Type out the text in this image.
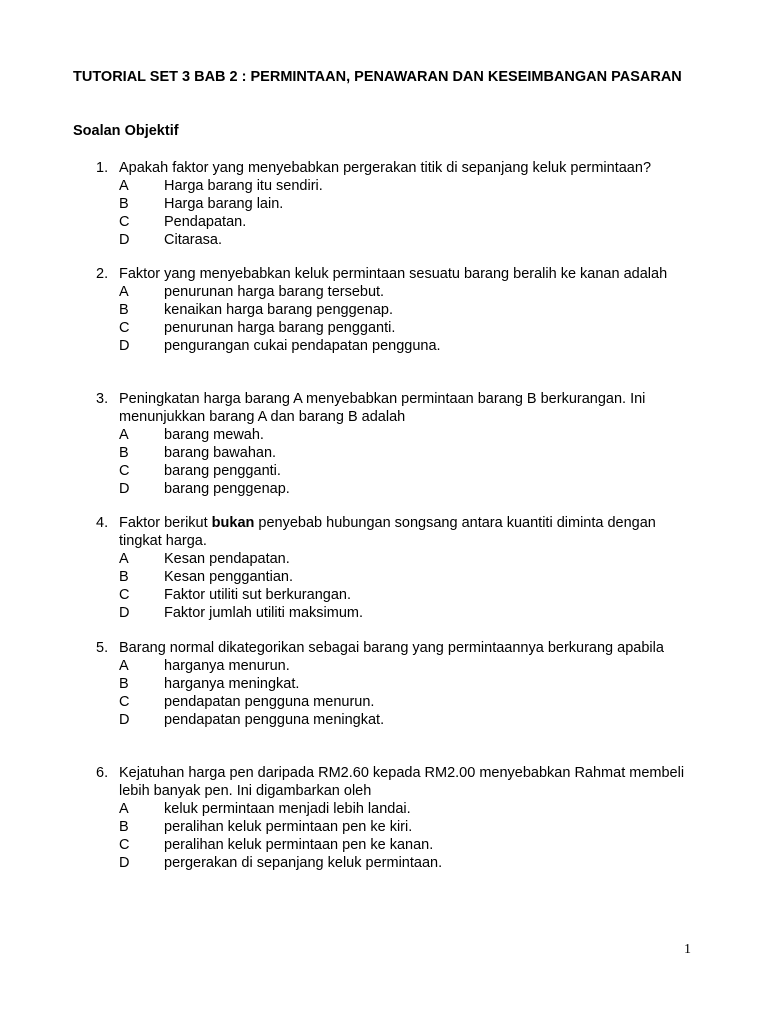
TUTORIAL SET 3 BAB 2 : PERMINTAAN, PENAWARAN DAN KESEIMBANGAN PASARAN
Soalan Objektif
1. Apakah faktor yang menyebabkan pergerakan titik di sepanjang keluk permintaan?
A	Harga barang itu sendiri.
B	Harga barang lain.
C	Pendapatan.
D	Citarasa.
2. Faktor yang menyebabkan keluk permintaan sesuatu barang beralih ke kanan adalah
A	penurunan harga barang tersebut.
B	kenaikan harga barang penggenap.
C	penurunan harga barang pengganti.
D	pengurangan cukai pendapatan pengguna.
3. Peningkatan harga barang A menyebabkan permintaan barang B berkurangan. Ini menunjukkan barang A dan barang B adalah
A	barang mewah.
B	barang bawahan.
C	barang pengganti.
D	barang penggenap.
4. Faktor berikut bukan penyebab hubungan songsang antara kuantiti diminta dengan tingkat harga.
A	Kesan pendapatan.
B	Kesan penggantian.
C	Faktor utiliti sut berkurangan.
D	Faktor jumlah utiliti maksimum.
5. Barang normal dikategorikan sebagai barang yang permintaannya berkurang apabila
A	harganya menurun.
B	harganya meningkat.
C	pendapatan pengguna menurun.
D	pendapatan pengguna meningkat.
6. Kejatuhan harga pen daripada RM2.60 kepada RM2.00 menyebabkan Rahmat membeli lebih banyak pen. Ini digambarkan oleh
A	keluk permintaan menjadi lebih landai.
B	peralihan keluk permintaan pen ke kiri.
C	peralihan keluk permintaan pen ke kanan.
D	pergerakan di sepanjang keluk permintaan.
1
